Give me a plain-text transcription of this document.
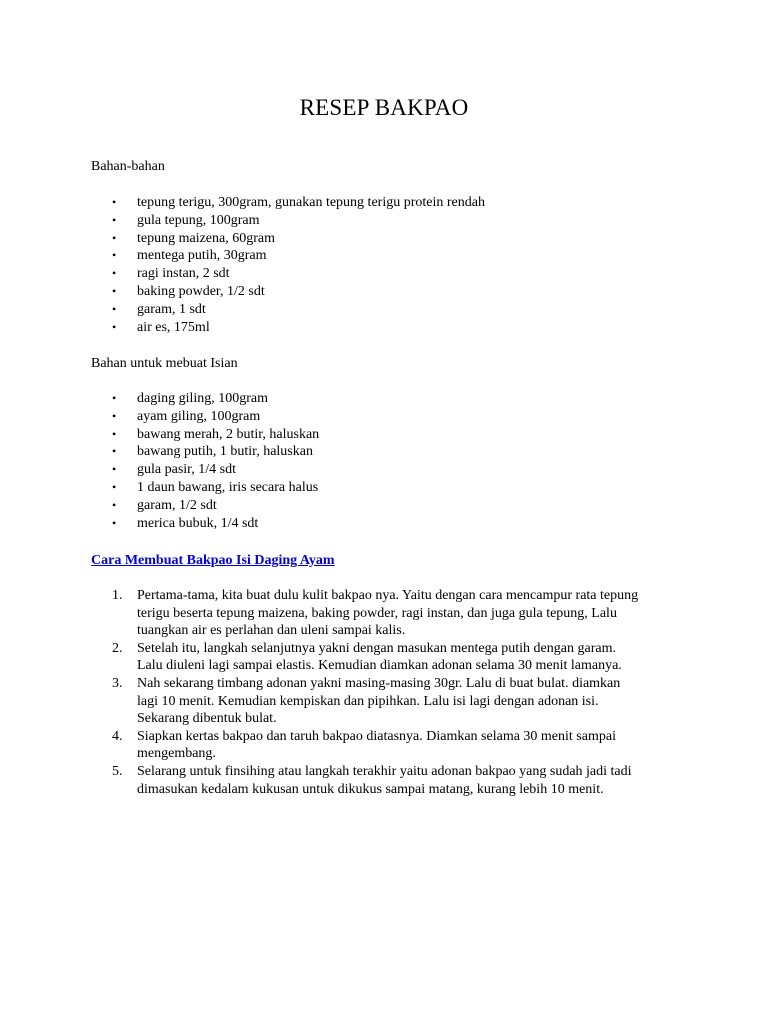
RESEP BAKPAO

Bahan-bahan

• tepung terigu, 300gram, gunakan tepung terigu protein rendah
• gula tepung, 100gram
• tepung maizena, 60gram
• mentega putih, 30gram
• ragi instan, 2 sdt
• baking powder, 1/2 sdt
• garam, 1 sdt
• air es, 175ml

Bahan untuk mebuat Isian

• daging giling, 100gram
• ayam giling, 100gram
• bawang merah, 2 butir, haluskan
• bawang putih, 1 butir, haluskan
• gula pasir, 1/4 sdt
• 1 daun bawang, iris secara halus
• garam, 1/2 sdt
• merica bubuk, 1/4 sdt

Cara Membuat Bakpao Isi Daging Ayam

1. Pertama-tama, kita buat dulu kulit bakpao nya. Yaitu dengan cara mencampur rata tepung
terigu beserta tepung maizena, baking powder, ragi instan, dan juga gula tepung, Lalu
tuangkan air es perlahan dan uleni sampai kalis.
2. Setelah itu, langkah selanjutnya yakni dengan masukan mentega putih dengan garam.
Lalu diuleni lagi sampai elastis. Kemudian diamkan adonan selama 30 menit lamanya.
3. Nah sekarang timbang adonan yakni masing-masing 30gr. Lalu di buat bulat. diamkan
lagi 10 menit. Kemudian kempiskan dan pipihkan. Lalu isi lagi dengan adonan isi.
Sekarang dibentuk bulat.
4. Siapkan kertas bakpao dan taruh bakpao diatasnya. Diamkan selama 30 menit sampai
mengembang.
5. Selarang untuk finsihing atau langkah terakhir yaitu adonan bakpao yang sudah jadi tadi
dimasukan kedalam kukusan untuk dikukus sampai matang, kurang lebih 10 menit.
